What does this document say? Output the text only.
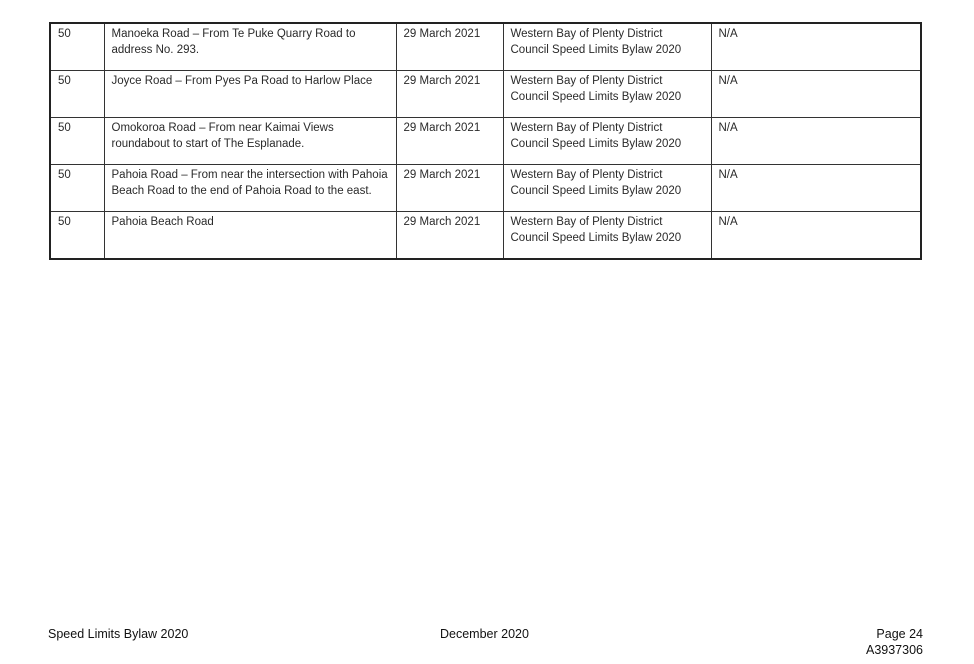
50	Manoeka Road – From Te Puke Quarry Road to address No. 293.	29 March 2021	Western Bay of Plenty District Council Speed Limits Bylaw 2020	N/A
50	Joyce Road – From Pyes Pa Road to Harlow Place	29 March 2021	Western Bay of Plenty District Council Speed Limits Bylaw 2020	N/A
50	Omokoroa Road – From near Kaimai Views roundabout to start of The Esplanade.	29 March 2021	Western Bay of Plenty District Council Speed Limits Bylaw 2020	N/A
50	Pahoia Road – From near the intersection with Pahoia Beach Road to the end of Pahoia Road to the east.	29 March 2021	Western Bay of Plenty District Council Speed Limits Bylaw 2020	N/A
50	Pahoia Beach Road	29 March 2021	Western Bay of Plenty District Council Speed Limits Bylaw 2020	N/A
Speed Limits Bylaw 2020	December 2020	Page 24
A3937306
